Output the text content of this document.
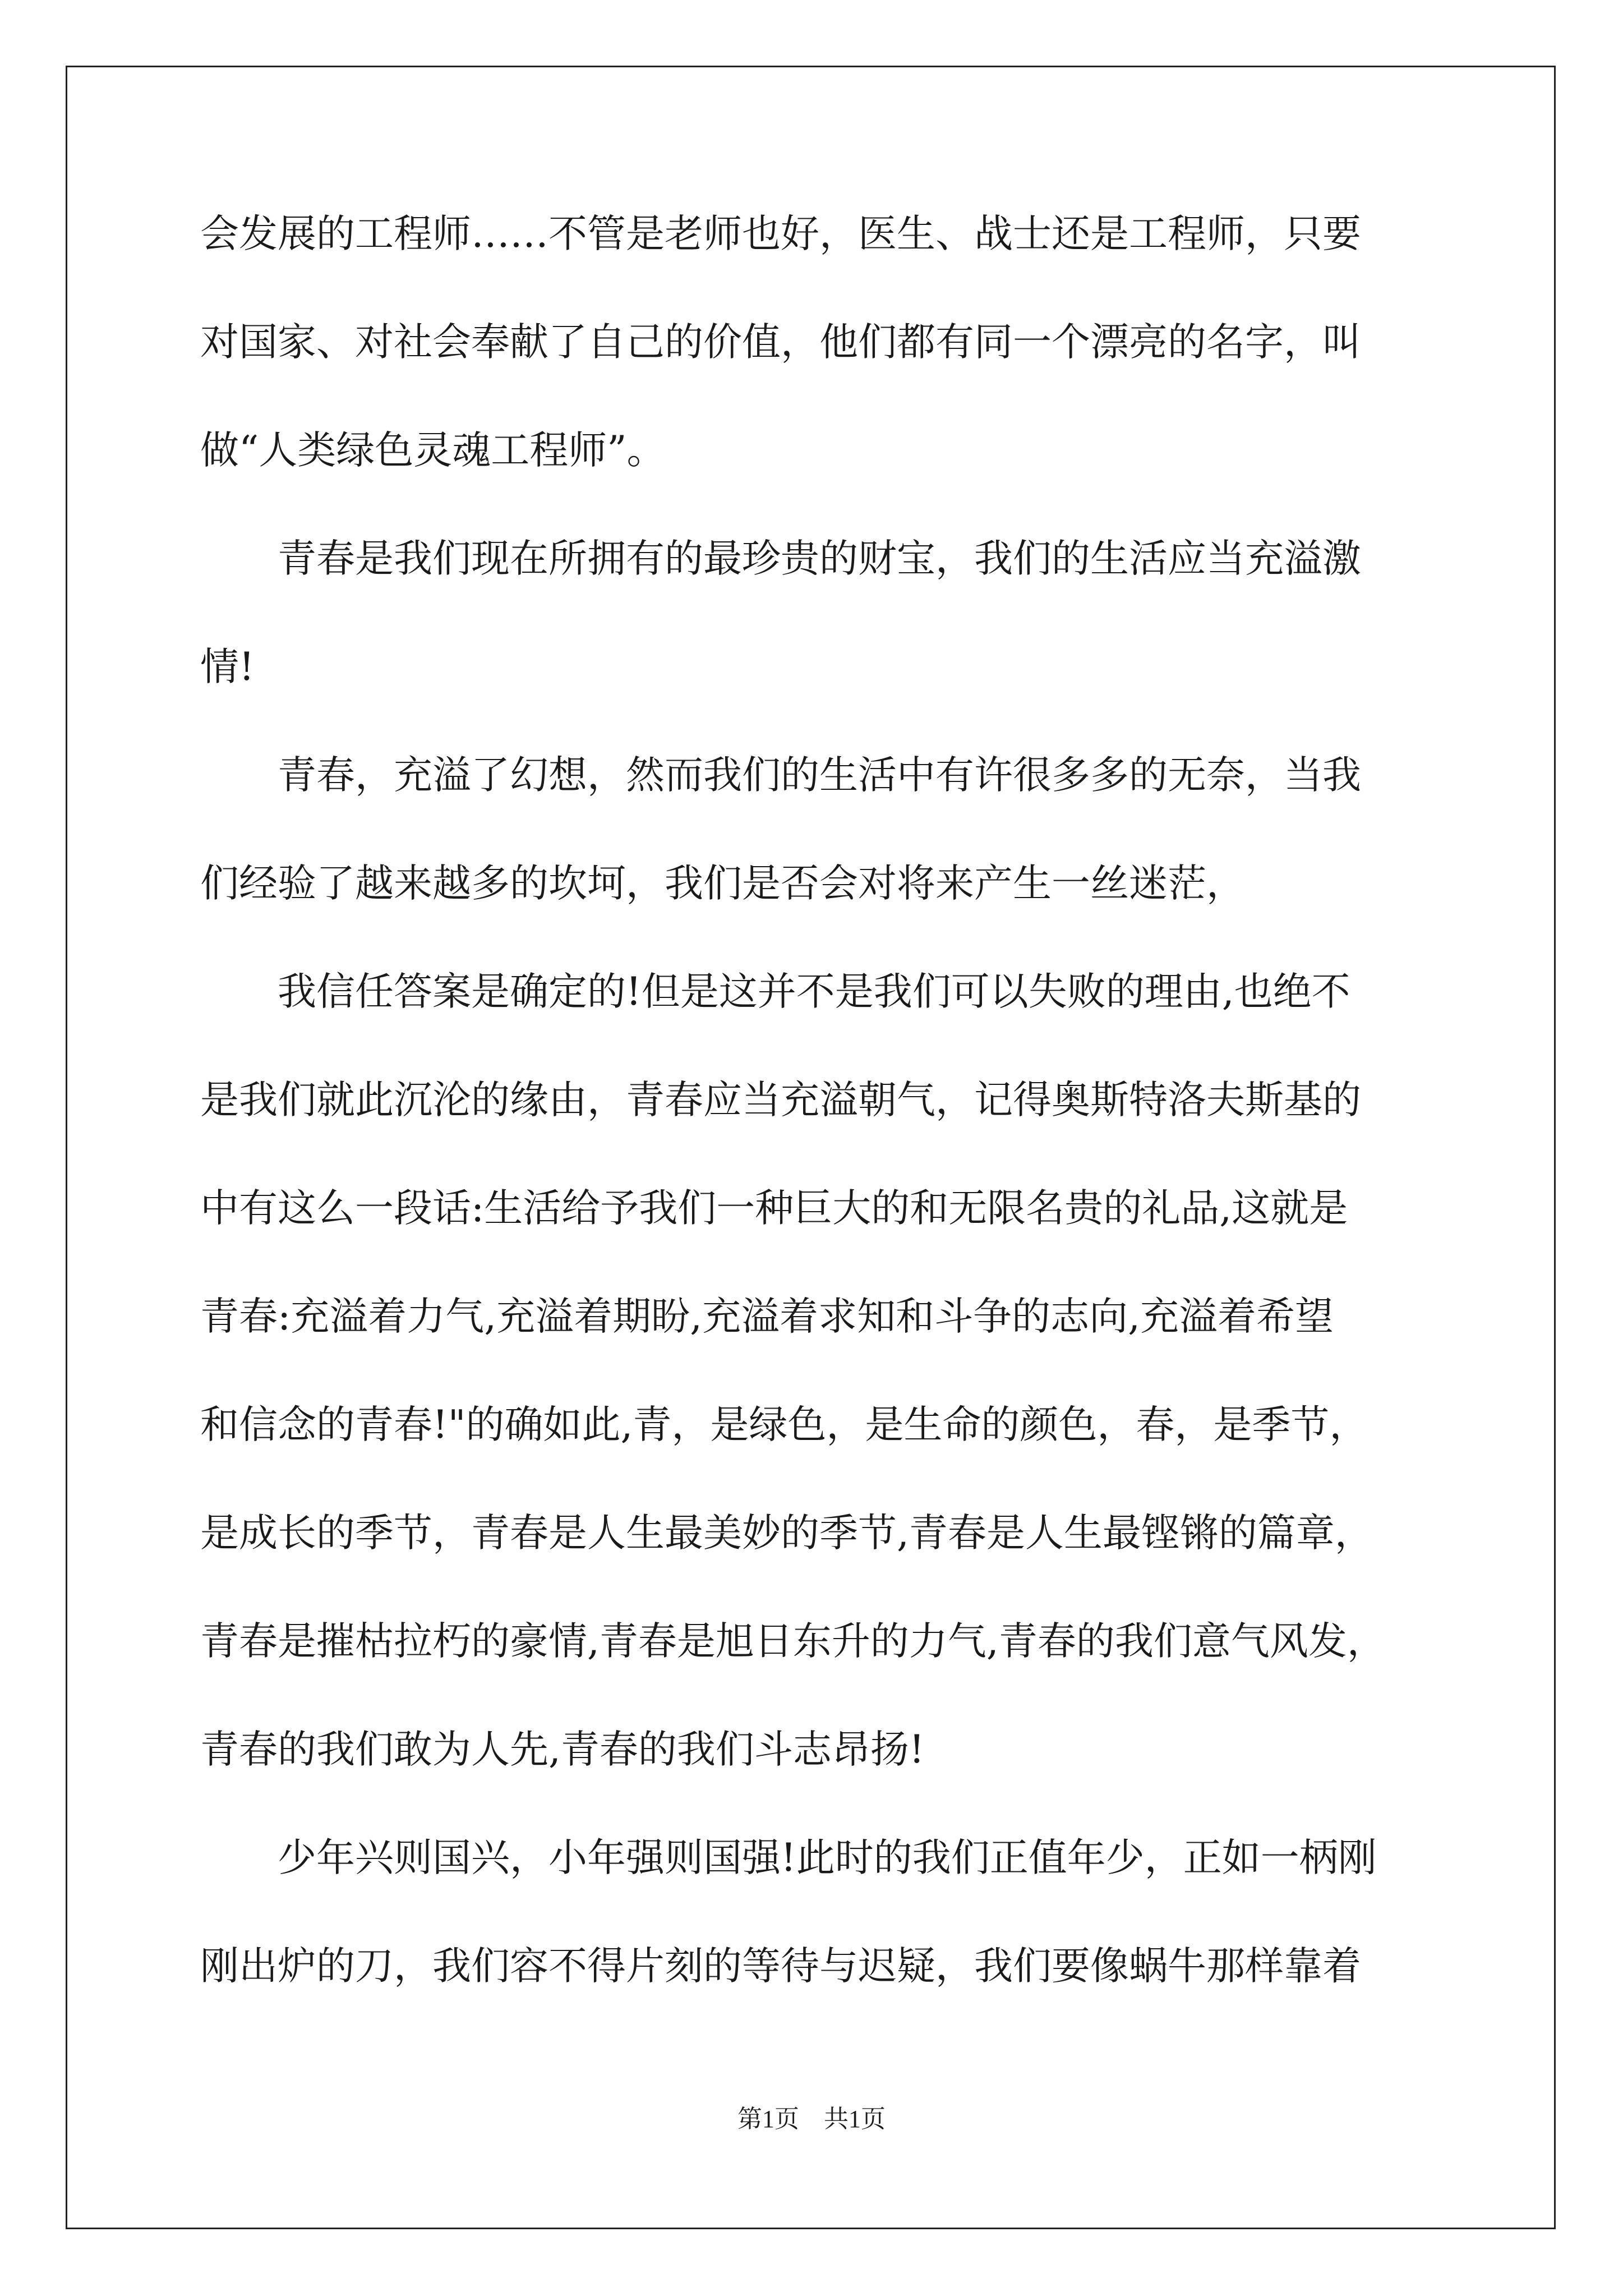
会发展的工程师……不管是老师也好，医生、战士还是工程师，只要
对国家、对社会奉献了自己的价值，他们都有同一个漂亮的名字，叫
做“人类绿色灵魂工程师”。
　　青春是我们现在所拥有的最珍贵的财宝，我们的生活应当充溢激
情!
　　青春，充溢了幻想，然而我们的生活中有许很多多的无奈，当我
们经验了越来越多的坎坷，我们是否会对将来产生一丝迷茫，
　　我信任答案是确定的!但是这并不是我们可以失败的理由,也绝不
是我们就此沉沦的缘由，青春应当充溢朝气，记得奥斯特洛夫斯基的
中有这么一段话:生活给予我们一种巨大的和无限名贵的礼品,这就是
青春:充溢着力气,充溢着期盼,充溢着求知和斗争的志向,充溢着希望
和信念的青春!"的确如此,青，是绿色，是生命的颜色，春，是季节，
是成长的季节，青春是人生最美妙的季节,青春是人生最铿锵的篇章，
青春是摧枯拉朽的豪情,青春是旭日东升的力气,青春的我们意气风发，
青春的我们敢为人先,青春的我们斗志昂扬!
　　少年兴则国兴，小年强则国强!此时的我们正值年少，正如一柄刚
刚出炉的刀，我们容不得片刻的等待与迟疑，我们要像蜗牛那样靠着
第1页 共1页
